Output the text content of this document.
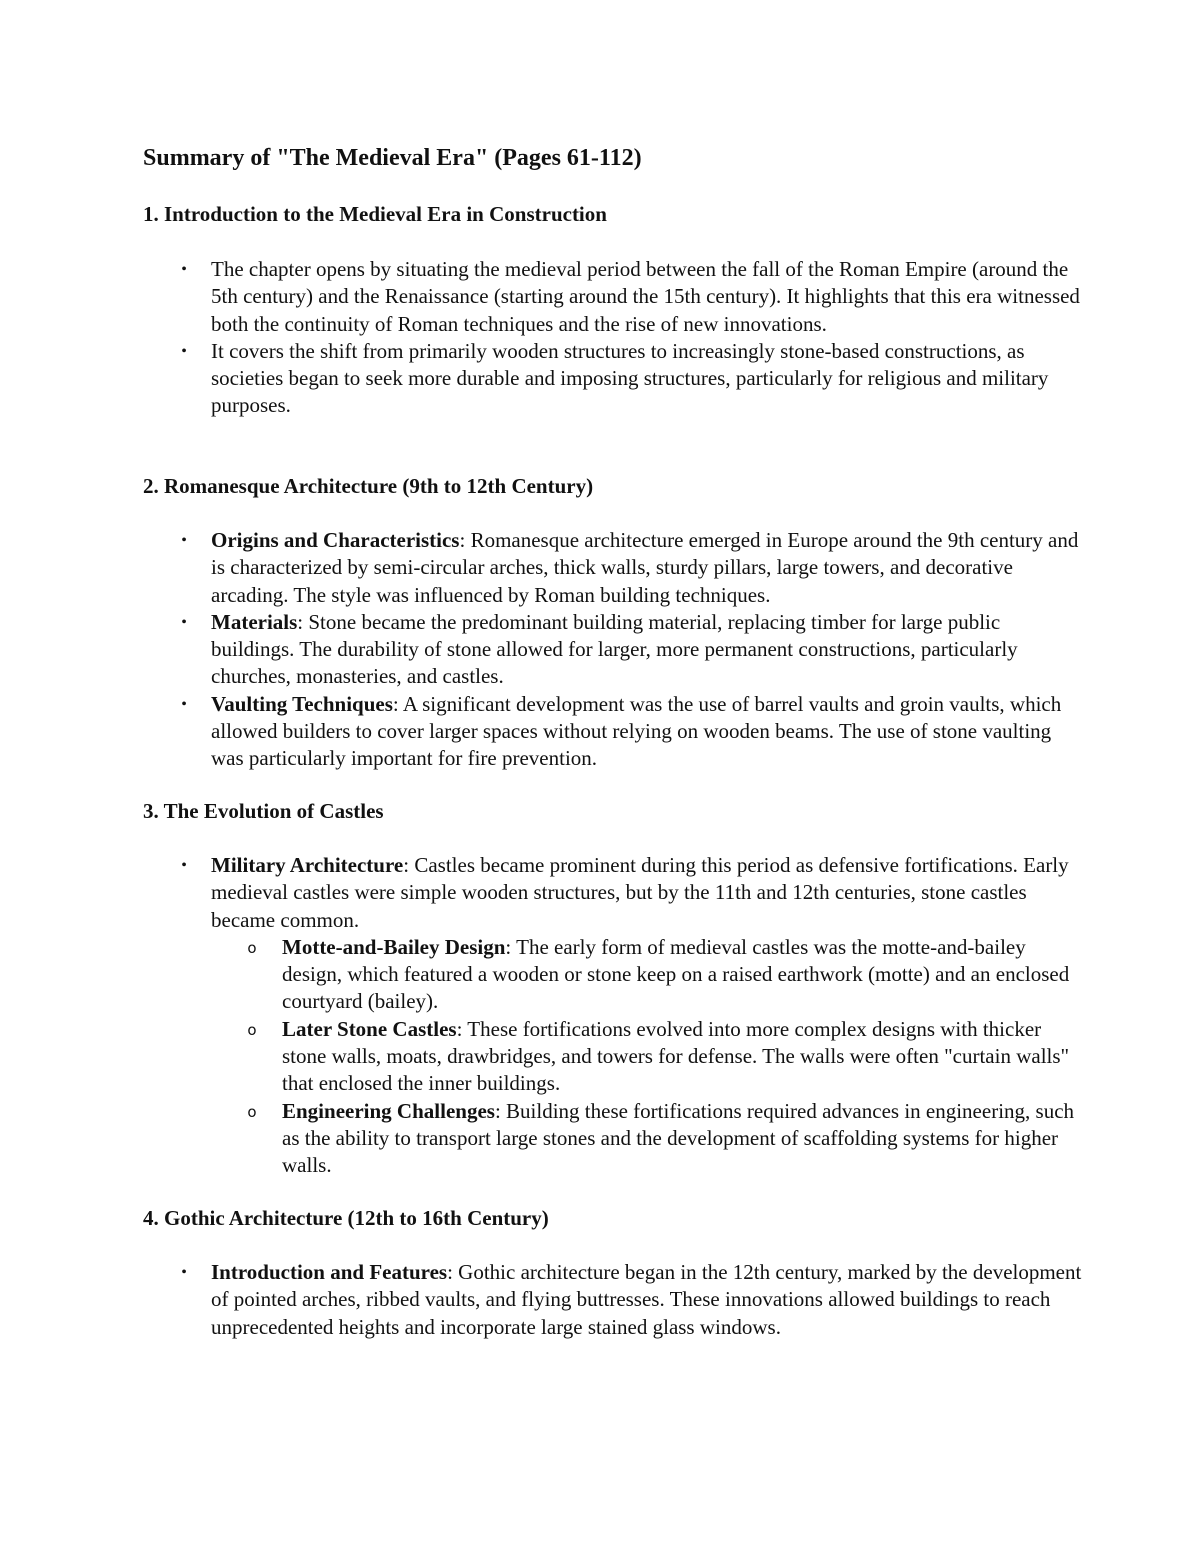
Summary of "The Medieval Era" (Pages 61-112)
1. Introduction to the Medieval Era in Construction
•	The chapter opens by situating the medieval period between the fall of the Roman Empire (around the 5th century) and the Renaissance (starting around the 15th century). It highlights that this era witnessed both the continuity of Roman techniques and the rise of new innovations.
•	It covers the shift from primarily wooden structures to increasingly stone-based constructions, as societies began to seek more durable and imposing structures, particularly for religious and military purposes.
2. Romanesque Architecture (9th to 12th Century)
•	Origins and Characteristics: Romanesque architecture emerged in Europe around the 9th century and is characterized by semi-circular arches, thick walls, sturdy pillars, large towers, and decorative arcading. The style was influenced by Roman building techniques.
•	Materials: Stone became the predominant building material, replacing timber for large public buildings. The durability of stone allowed for larger, more permanent constructions, particularly churches, monasteries, and castles.
•	Vaulting Techniques: A significant development was the use of barrel vaults and groin vaults, which allowed builders to cover larger spaces without relying on wooden beams. The use of stone vaulting was particularly important for fire prevention.
3. The Evolution of Castles
•	Military Architecture: Castles became prominent during this period as defensive fortifications. Early medieval castles were simple wooden structures, but by the 11th and 12th centuries, stone castles became common.
o Motte-and-Bailey Design: The early form of medieval castles was the motte-and-bailey design, which featured a wooden or stone keep on a raised earthwork (motte) and an enclosed courtyard (bailey).
o Later Stone Castles: These fortifications evolved into more complex designs with thicker stone walls, moats, drawbridges, and towers for defense. The walls were often "curtain walls" that enclosed the inner buildings.
o Engineering Challenges: Building these fortifications required advances in engineering, such as the ability to transport large stones and the development of scaffolding systems for higher walls.
4. Gothic Architecture (12th to 16th Century)
•	Introduction and Features: Gothic architecture began in the 12th century, marked by the development of pointed arches, ribbed vaults, and flying buttresses. These innovations allowed buildings to reach unprecedented heights and incorporate large stained glass windows.
